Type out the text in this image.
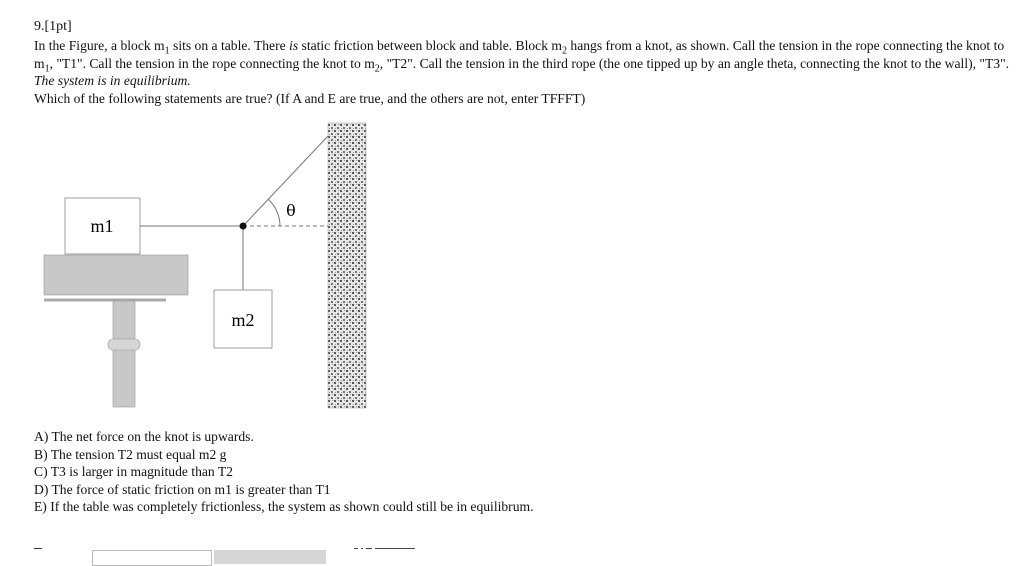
9.[1pt]
In the Figure, a block $m_1$ sits on a table. There is static friction between block and table. Block $m_2$ hangs from a knot, as shown. Call the tension in the rope connecting the knot to $m_1$, "T1". Call the tension in the rope connecting the knot to $m_2$, "T2". Call the tension in the third rope (the one tipped up by an angle theta, connecting the knot to the wall), "T3". The system is in equilibrium.
Which of the following statements are true? (If A and E are true, and the others are not, enter TFFFT)
m1
θ
m2
A) The net force on the knot is upwards.
B) The tension T2 must equal m2 g
C) T3 is larger in magnitude than T2
D) The force of static friction on m1 is greater than T1
E) If the table was completely frictionless, the system as shown could still be in equilibrum.
